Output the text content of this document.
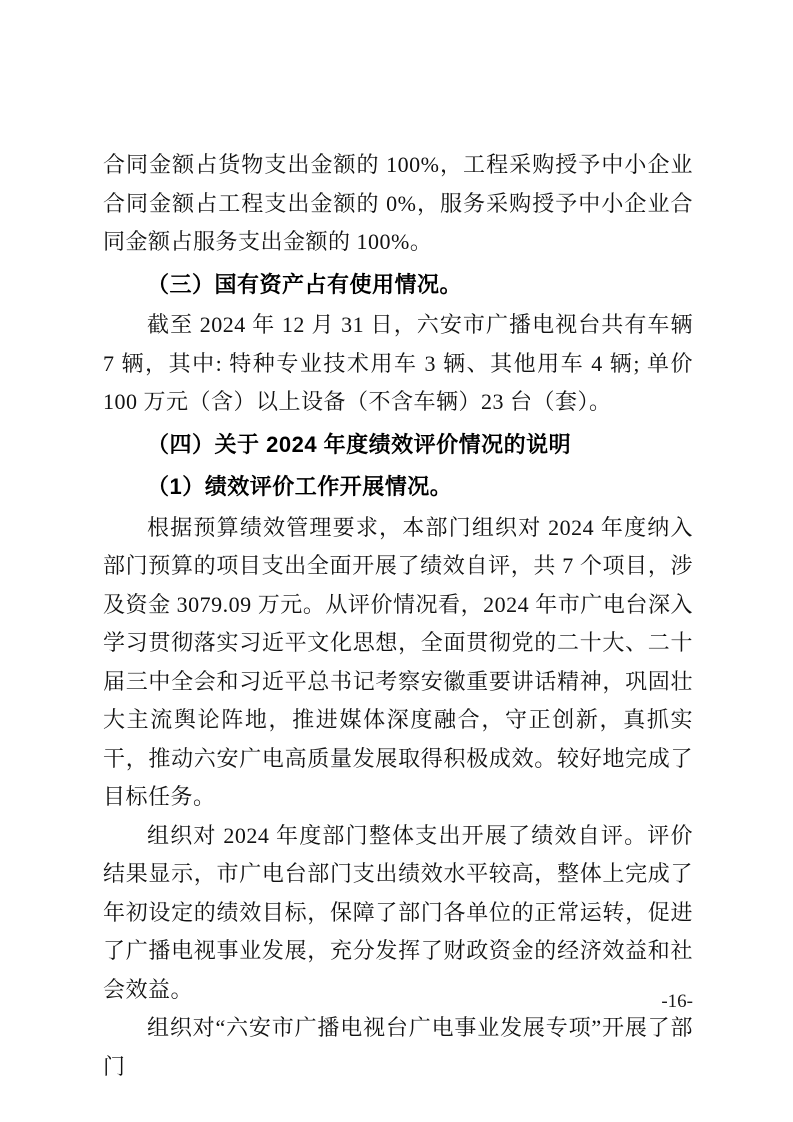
合同金额占货物支出金额的 100%，工程采购授予中小企业合同金额占工程支出金额的 0%，服务采购授予中小企业合同金额占服务支出金额的 100%。

（三）国有资产占有使用情况。

截至 2024 年 12 月 31 日，六安市广播电视台共有车辆 7 辆，其中: 特种专业技术用车 3 辆、其他用车 4 辆; 单价 100 万元（含）以上设备（不含车辆）23 台（套）。

（四）关于 2024 年度绩效评价情况的说明

（1）绩效评价工作开展情况。

根据预算绩效管理要求，本部门组织对 2024 年度纳入部门预算的项目支出全面开展了绩效自评，共 7 个项目，涉及资金 3079.09 万元。从评价情况看，2024 年市广电台深入学习贯彻落实习近平文化思想，全面贯彻党的二十大、二十届三中全会和习近平总书记考察安徽重要讲话精神，巩固壮大主流舆论阵地，推进媒体深度融合，守正创新，真抓实干，推动六安广电高质量发展取得积极成效。较好地完成了目标任务。

组织对 2024 年度部门整体支出开展了绩效自评。评价结果显示，市广电台部门支出绩效水平较高，整体上完成了年初设定的绩效目标，保障了部门各单位的正常运转，促进了广播电视事业发展，充分发挥了财政资金的经济效益和社会效益。

组织对“六安市广播电视台广电事业发展专项”开展了部门

-16-
